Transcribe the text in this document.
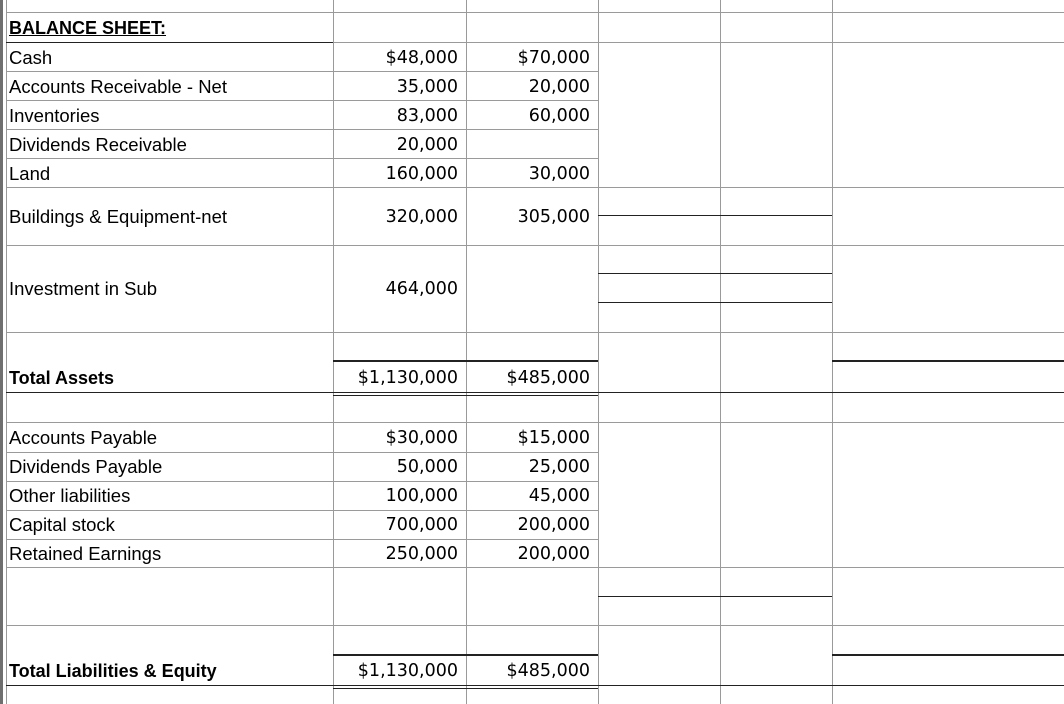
BALANCE SHEET:
Cash	$48,000	$70,000
Accounts Receivable - Net	35,000	20,000
Inventories	83,000	60,000
Dividends Receivable	20,000
Land	160,000	30,000
Buildings & Equipment-net	320,000	305,000
Investment in Sub	464,000
Total Assets	$1,130,000	$485,000
Accounts Payable	$30,000	$15,000
Dividends Payable	50,000	25,000
Other liabilities	100,000	45,000
Capital stock	700,000	200,000
Retained Earnings	250,000	200,000
Total Liabilities & Equity	$1,130,000	$485,000
